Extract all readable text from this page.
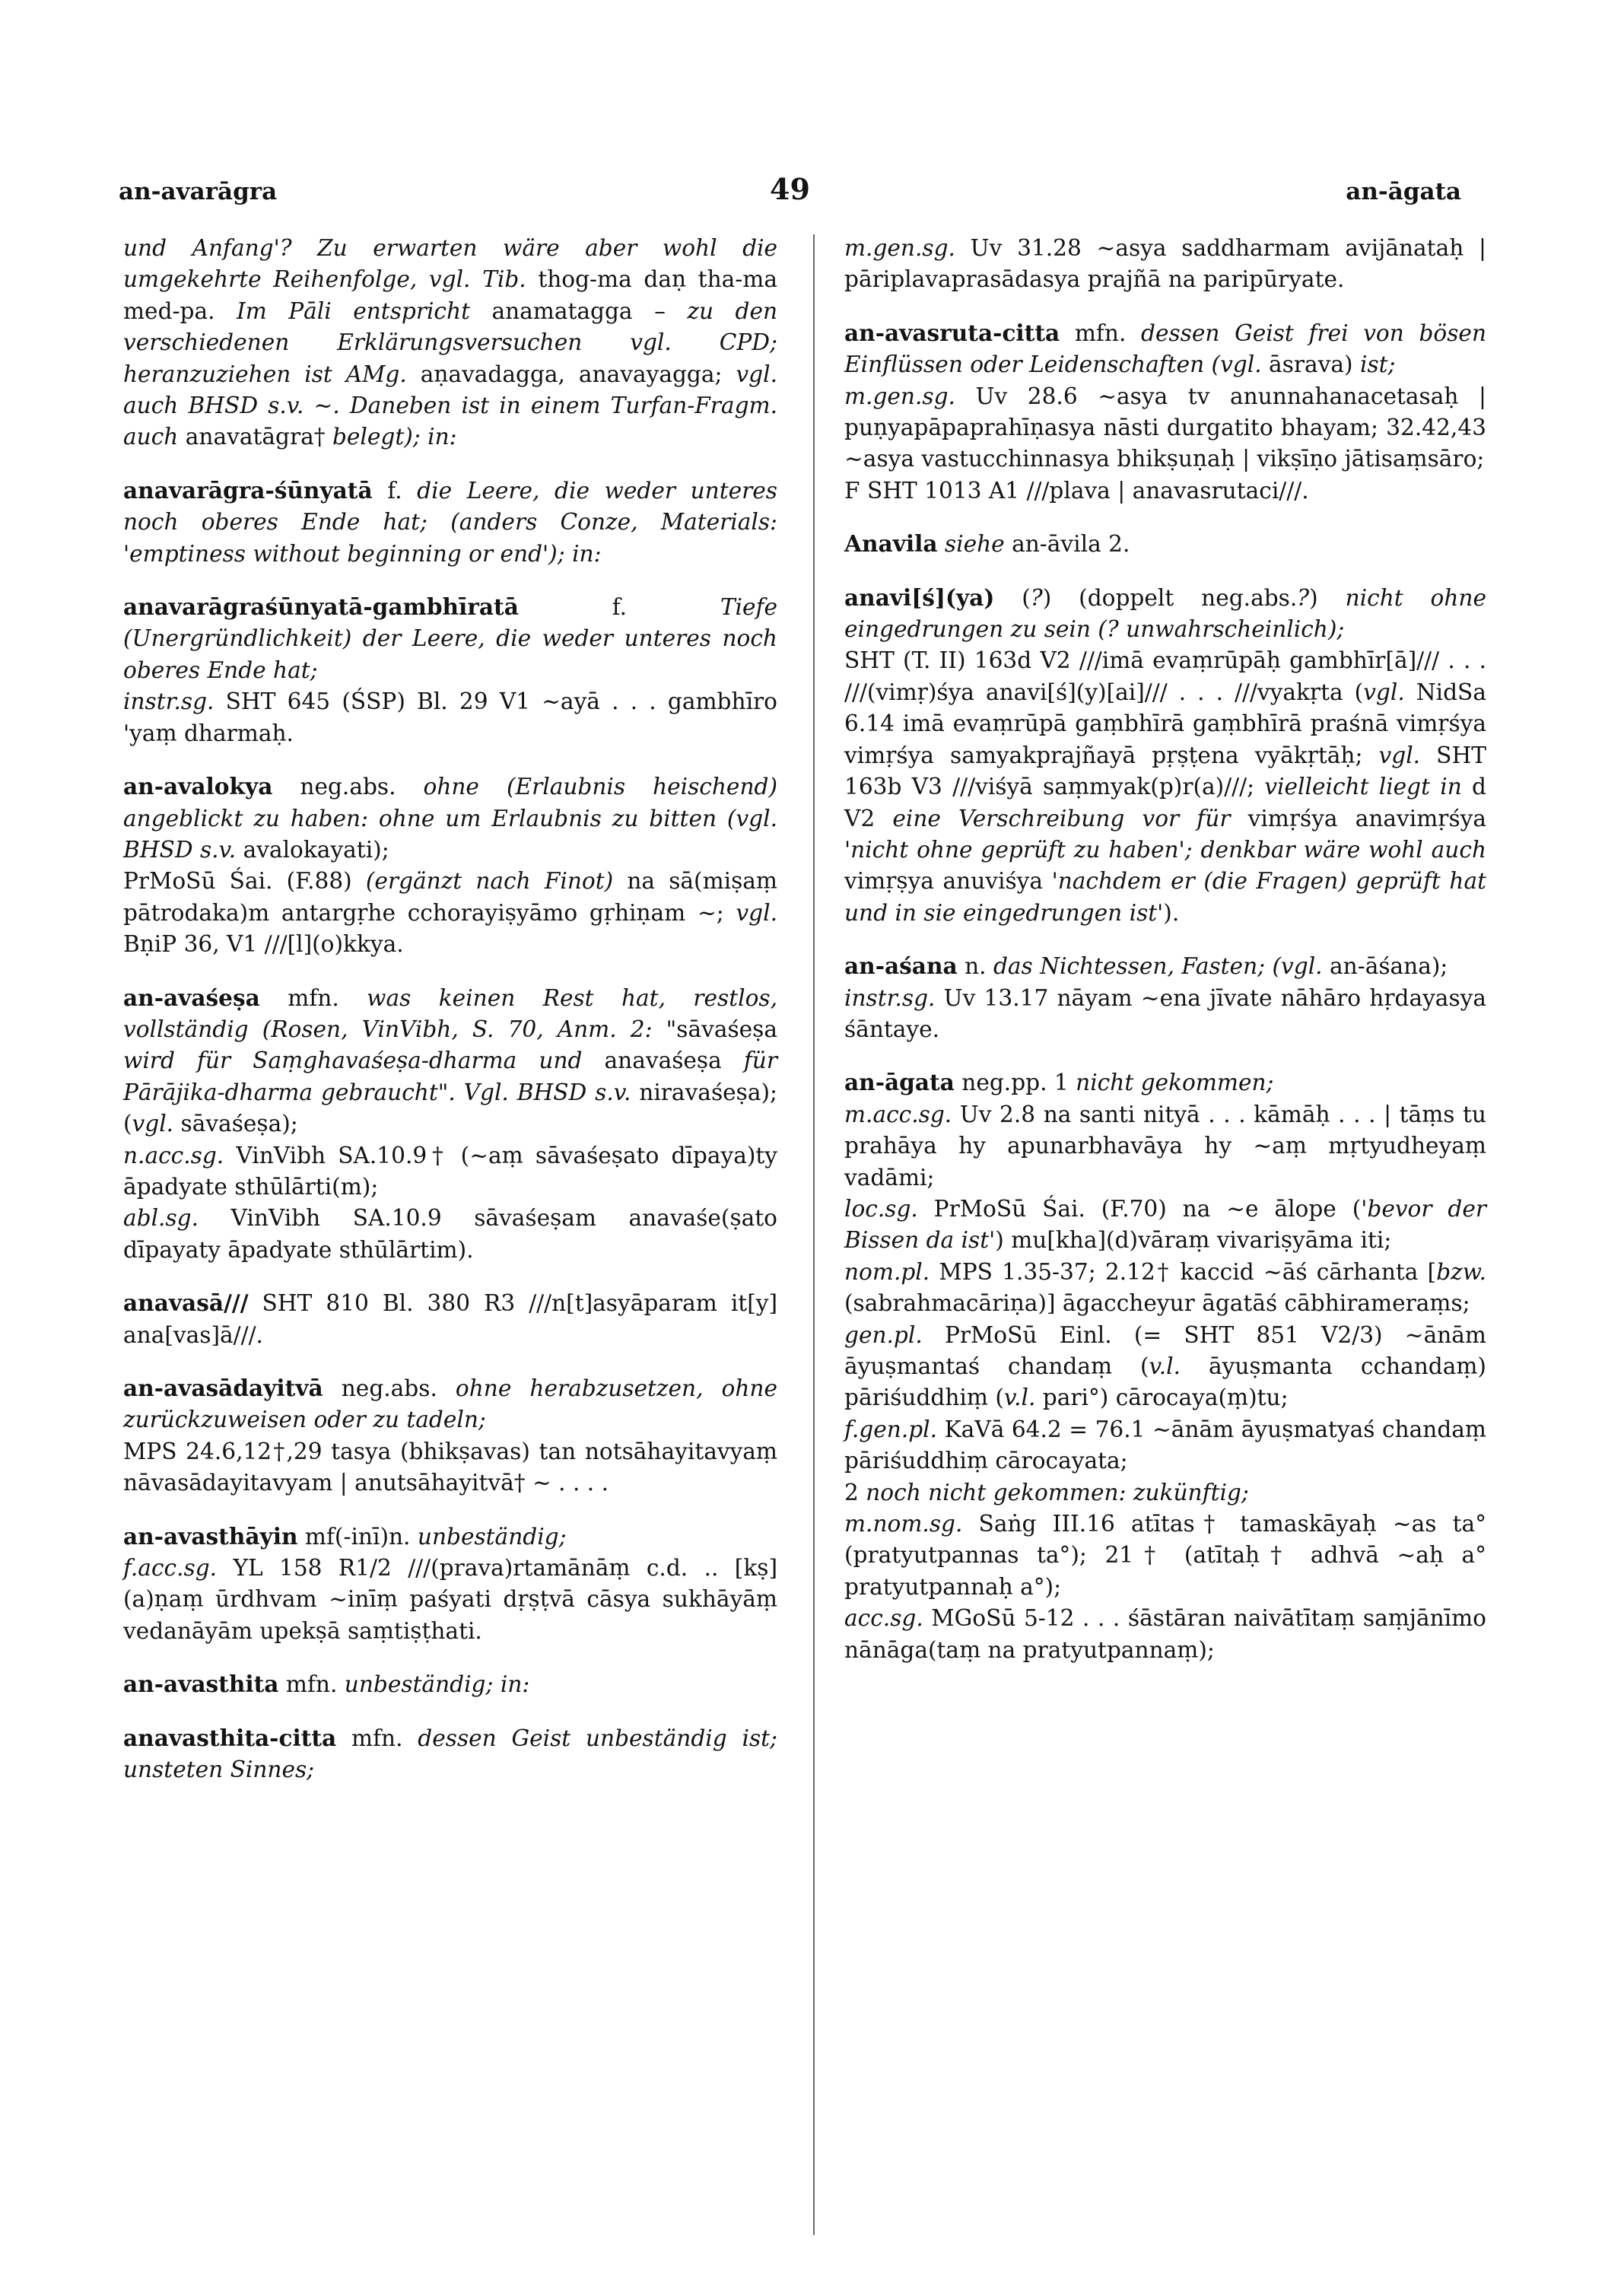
an-avarāgra	49	an-āgata

und Anfang'? Zu erwarten wäre aber wohl die umgekehrte Reihenfolge, vgl. Tib. thog-ma daṇ tha-ma med-pa. Im Pāli entspricht anamatagga – zu den verschiedenen Erklärungsversuchen vgl. CPD; heranzuziehen ist AMg. aṇavadagga, anavayagga; vgl. auch BHSD s.v. ~. Daneben ist in einem Turfan-Fragm. auch anavatāgra† belegt); in:

anavarāgra-śūnyatā f. die Leere, die weder unteres noch oberes Ende hat; (anders Conze, Materials: 'emptiness without beginning or end'); in:

anavarāgraśūnyatā-gambhīratā f. Tiefe (Unergründlichkeit) der Leere, die weder unteres noch oberes Ende hat;

instr.sg. SHT 645 (ŚSP) Bl. 29 V1 ~ayā . . . gambhīro 'yaṃ dharmaḥ.

an-avalokya neg.abs. ohne (Erlaubnis heischend) angeblickt zu haben: ohne um Erlaubnis zu bitten (vgl. BHSD s.v. avalokayati);

PrMoSū Śai. (F.88) (ergänzt nach Finot) na sā(miṣaṃ pātrodaka)m antargṛhe cchorayiṣyāmo gṛhiṇam ~; vgl. BṇiP 36, V1 ///[l](o)kkya.

an-avaśeṣa mfn. was keinen Rest hat, restlos, vollständig (Rosen, VinVibh, S. 70, Anm. 2: "sāvaśeṣa wird für Saṃghavaśeṣa-dharma und anavaśeṣa für Pārājika-dharma gebraucht". Vgl. BHSD s.v. niravaśeṣa); (vgl. sāvaśeṣa);

n.acc.sg. VinVibh SA.10.9† (~aṃ sāvaśeṣato dīpaya)ty āpadyate sthūlārti(m);

abl.sg. VinVibh SA.10.9 sāvaśeṣam anavaśe(ṣato dīpayaty āpadyate sthūlārtim).

anavasā/// SHT 810 Bl. 380 R3 ///n[t]asyāparam it[y] ana[vas]ā///.

an-avasādayitvā neg.abs. ohne herabzusetzen, ohne zurückzuweisen oder zu tadeln;

MPS 24.6,12†,29 tasya (bhikṣavas) tan notsāhayitavyaṃ nāvasādayitavyam | anutsāhayitvā† ~ . . . .

an-avasthāyin mf(-inī)n. unbeständig;

f.acc.sg. YL 158 R1/2 ///(prava)rtamānāṃ c.d. .. [kṣ](a)ṇaṃ ūrdhvam ~inīṃ paśyati dṛṣṭvā cāsya sukhāyāṃ vedanāyām upekṣā saṃtiṣṭhati.

an-avasthita mfn. unbeständig; in:

anavasthita-citta mfn. dessen Geist unbeständig ist; unsteten Sinnes;

m.gen.sg. Uv 31.28 ~asya saddharmam avijānataḥ | pāriplavaprasādasya prajñā na paripūryate.

an-avasruta-citta mfn. dessen Geist frei von bösen Einflüssen oder Leidenschaften (vgl. āsrava) ist;

m.gen.sg. Uv 28.6 ~asya tv anunnahanacetasaḥ | puṇyapāpaprahīṇasya nāsti durgatito bhayam; 32.42,43 ~asya vastucchinnasya bhikṣuṇaḥ | vikṣīṇo jātisaṃsāro;

F SHT 1013 A1 ///plava | anavasrutaci///.

Anavila siehe an-āvila 2.

anavi[ś](ya) (?) (doppelt neg.abs.?) nicht ohne eingedrungen zu sein (? unwahrscheinlich);

SHT (T. II) 163d V2 ///imā evaṃrūpāḥ gambhīr[ā]/// . . . ///(vimṛ)śya anavi[ś](y)[ai]/// . . . ///vyakṛta (vgl. NidSa 6.14 imā evaṃrūpā gaṃbhīrā gaṃbhīrā praśnā vimṛśya vimṛśya samyakprajñayā pṛṣṭena vyākṛtāḥ; vgl. SHT 163b V3 ///viśyā saṃmyak(p)r(a)///; vielleicht liegt in d V2 eine Verschreibung vor für vimṛśya anavimṛśya 'nicht ohne geprüft zu haben'; denkbar wäre wohl auch vimṛṣya anuviśya 'nachdem er (die Fragen) geprüft hat und in sie eingedrungen ist').

an-aśana n. das Nichtessen, Fasten; (vgl. an-āśana);

instr.sg. Uv 13.17 nāyam ~ena jīvate nāhāro hṛdayasya śāntaye.

an-āgata neg.pp. 1 nicht gekommen;

m.acc.sg. Uv 2.8 na santi nityā . . . kāmāḥ . . . | tāṃs tu prahāya hy apunarbhavāya hy ~aṃ mṛtyudheyaṃ vadāmi;

loc.sg. PrMoSū Śai. (F.70) na ~e ālope ('bevor der Bissen da ist') mu[kha](d)vāraṃ vivariṣyāma iti;

nom.pl. MPS 1.35-37; 2.12† kaccid ~āś cārhanta [bzw. (sabrahmacāriṇa)] āgaccheyur āgatāś cābhirameraṃs;

gen.pl. PrMoSū Einl. (= SHT 851 V2/3) ~ānām āyuṣmantaś chandaṃ (v.l. āyuṣmanta cchandaṃ) pāriśuddhiṃ (v.l. pari°) cārocaya(ṃ)tu;

f.gen.pl. KaVā 64.2 = 76.1 ~ānām āyuṣmatyaś chandaṃ pāriśuddhiṃ cārocayata;

2 noch nicht gekommen: zukünftig;

m.nom.sg. Saṅg III.16 atītas† tamaskāyaḥ ~as ta° (pratyutpannas ta°); 21† (atītaḥ† adhvā ~aḥ a° pratyutpannaḥ a°);

acc.sg. MGoSū 5-12 . . . śāstāran naivātītaṃ saṃjānīmo nānāga(taṃ na pratyutpannaṃ);
